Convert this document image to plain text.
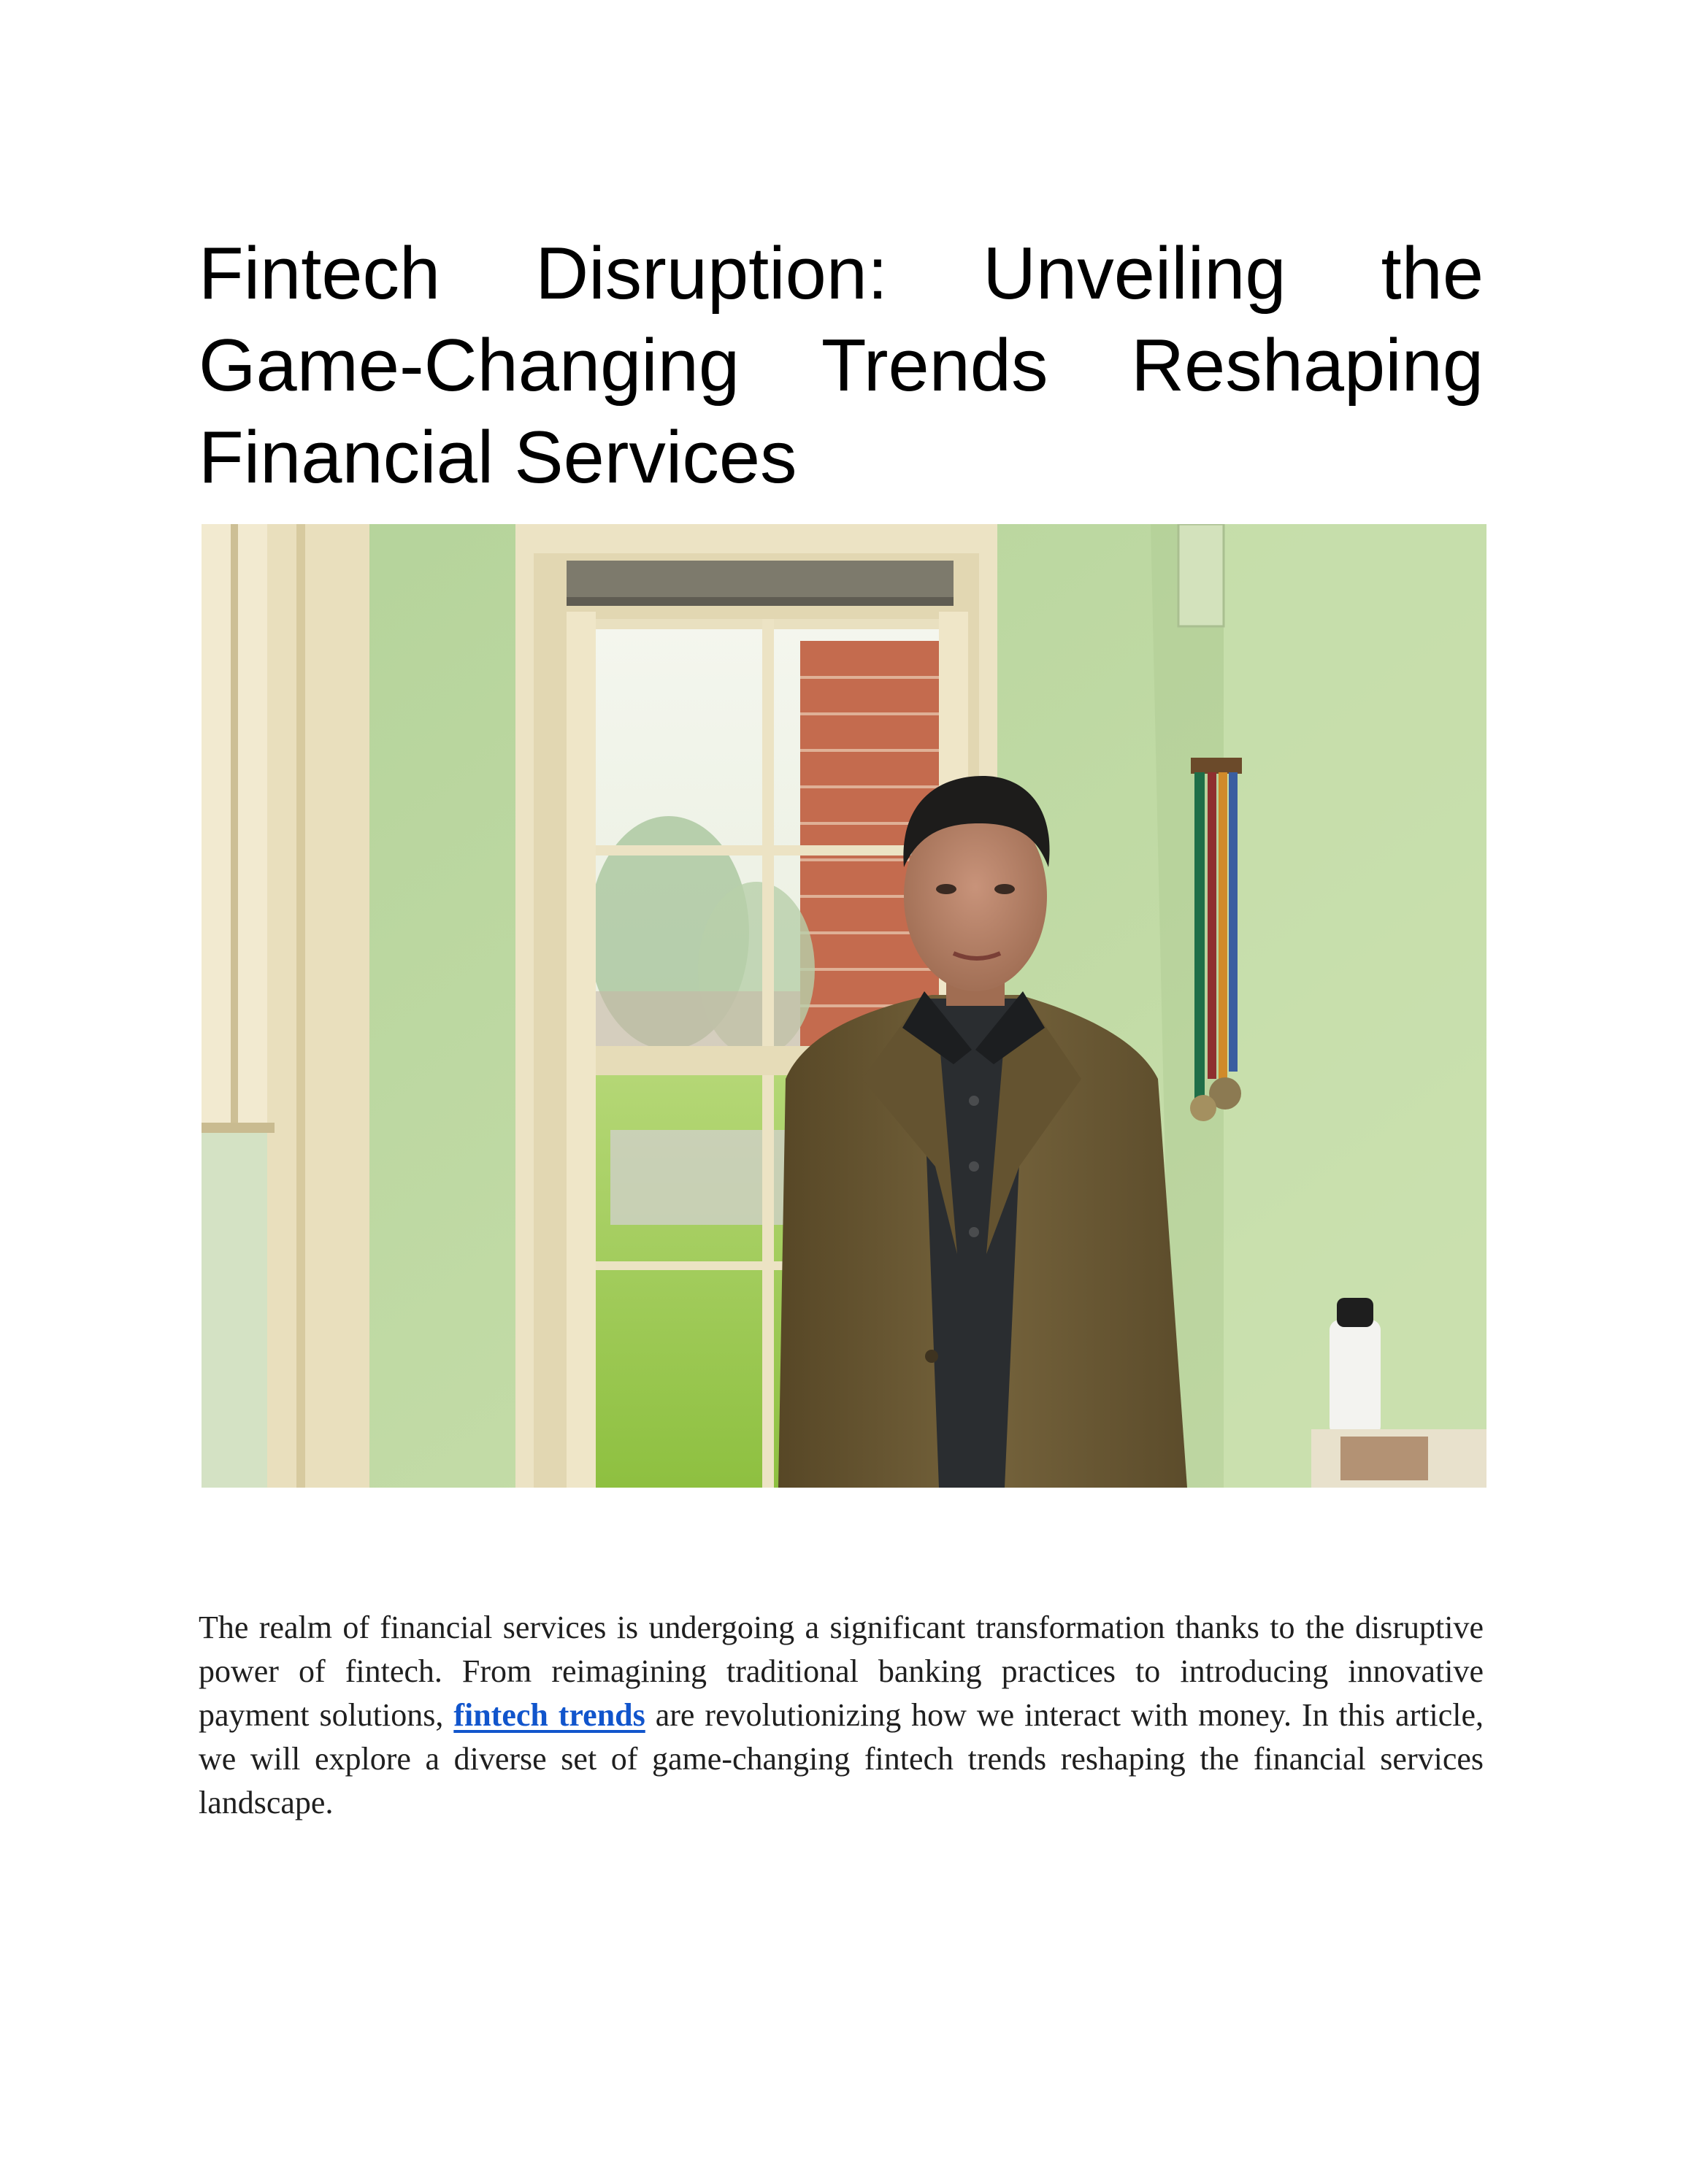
Fintech Disruption: Unveiling the Game-Changing Trends Reshaping Financial Services

The realm of financial services is undergoing a significant transformation thanks to the disruptive power of fintech. From reimagining traditional banking practices to introducing innovative payment solutions, fintech trends are revolutionizing how we interact with money. In this article, we will explore a diverse set of game-changing fintech trends reshaping the financial services landscape.
